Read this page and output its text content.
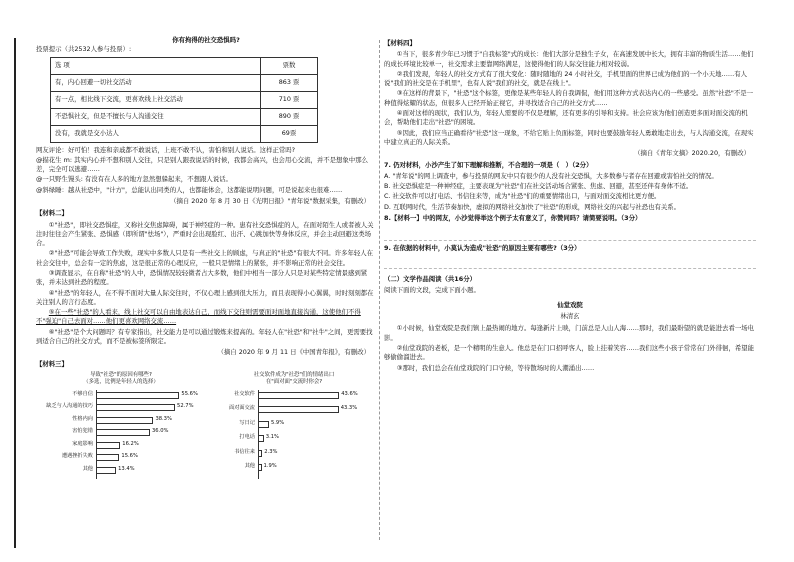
你有拘得的社交恐惧吗?
投票提示（共2532人参与投票）:
选 项	票数
有，内心回避一切社交活动	863 票
有一点，相比线下交流，更喜欢线上社交活动	710 票
不恐惧社交，但是不擅长与人沟通交往	890 票
没有，我就是交小达人	69票
网友评论：好可怕！我连和亲戚都不敢说话，上班不敢不认，害怕和别人说话。这样正常吗?
@描花生 m: 其实内心并不想和别人交往，只是别人跟我说话的时候，我都会高兴，也会用心交流，并不是想象中那么差，完全可以逃避……
@一只野生馒头: 有没有在人多的地方忽然想躲起来，不想跟人说话。
@斜绿睡：越从社恐中，"计方"，总能认出同类的人，也都能体会，这都能说明问题，可是说起来也很难……
（摘自 2020 年 8 月 30 日《光明日报》"青年说"数据采集，有删改）
【材料二】
①"社恐"，即社交恐惧症，又称社交焦虑障碍，属于神经症的一种。患有社交恐惧症的人，在面对陌生人或者被人关注时往往会产生紧张、恐惧感（即所谓"怯场"），严重时会出现脸红、出汗、心跳加快等身体反应，并会主动回避这类场合。
②"社恐"可能会导致工作失败，现实中多数人只是有一些社交上的顾虑，与真正的"社恐"有很大不同。许多年轻人在社会交往中，总会有一定的焦虑，这是很正常的心理反应，一般只是情绪上的紧张，并不影响正常的社会交往。
③调查显示，在自称"社恐"的人中，恐惧情况较轻微者占大多数，他们中相当一部分人只是对某些特定情景感到紧张，并未达到社恐的程度。
④"社恐"的年轻人，在不得不面对大量人际交往时，不仅心理上感到很大压力，而且表现得小心翼翼，时时刻刻都在关注别人的言行态度。
⑤在一些"社恐"的人看来，线上社交可以自由地表达自己，而线下交往则需要面对面地直接沟通，这使他们不得不"强迫"自己去面对……他们更喜欢网络交流……
⑥"社恐"是个大问题吗？有专家指出，社交能力是可以通过锻炼来提高的。年轻人在"社恐"和"社牛"之间，更需要找到适合自己的社交方式，而不是被标签所限定。
（摘自 2020 年 9 月 11 日《中国青年报》，有删改）
【材料三】
导致"社恐"的原因有哪些?
（多选，比例是年轻人的选择）
不够自信	55.6%
缺乏与人沟通的技巧	52.7%
性格内向	38.3%
害怕犯错	36.0%
家庭影响	16.2%
遭遇挫折失败	15.6%
其他	13.4%
社交软件成为"社恐"们的情绪出口
在"面对面"交流时你会?
社交软件	43.6%
面对面交流	43.3%
写日记	5.9%
打电话 3.1%
书信往来 2.3%
其他 1.9%
【材料四】
①当下，很多青少年已习惯于"自我标签"式的成长：他们大部分是独生子女，在高速发展中长大，拥有丰富的物质生活……他们的成长环境比较单一，社交需求主要靠网络满足，这使得他们的人际交往能力相对较弱。
②我们发现，年轻人的社交方式有了很大变化：随时随地的 24 小时社交，手机里面的世界已成为他们的一个小天地……有人说"我们的社交是在手机里"，也有人说"我们的社交，就是在线上"。
③在这样的背景下，"社恐"这个标签，更像是某些年轻人的自我调侃，他们用这种方式表达内心的一些感受。虽然"社恐"不是一种值得炫耀的状态，但很多人已经开始正视它，并寻找适合自己的社交方式……
④面对这样的现状，我们认为，年轻人需要的不仅是理解，还有更多的引导和支持。社会应该为他们创造更多面对面交流的机会，帮助他们走出"社恐"的困境。
⑤因此，我们应当正确看待"社恐"这一现象，不给它贴上负面标签，同时也要鼓励年轻人勇敢地走出去，与人沟通交流，在现实中建立真正的人际关系。
（摘自《青年文摘》2020.20，有删改）
7. 仍对材料，小沙产生了如下理解和推断，不合理的一项是（　）（2分）
A. "青年说"的网上调查中，参与投票的网友中只有很少的人没有社交恐惧，大多数参与者存在回避或害怕社交的情况。
B. 社交恐惧症是一种神经症，主要表现为"社恐"们在社交活动场合紧张、焦虑、回避，甚至还伴有身体不适。
C. 社交软件可以打电话、书信往来等，成为"社恐"们的重要情绪出口，与面对面交流相比更方便。
D. 互联网时代，生活节奏加快，虚拟的网络社交加快了"社恐"的形成，网络社交的兴起与社恐也有关系。
8.【材料一】中的网友，小沙觉得举这个例子太有意义了，你赞同吗？请简要说明。（3分）
9. 在依据的材料中，小莫认为造成"社恐"的原因主要有哪些?（3分）
（二）文学作品阅读（共16分）
阅读下面的文段，完成下面小题。
仙堂戏院
林清玄
①小时候，仙堂戏院是我们镇上最热闹的地方。每逢新片上映，门前总是人山人海……那时，我们最盼望的就是能进去看一场电影。
②仙堂戏院的老板，是一个精明的生意人。他总是在门口招呼客人，脸上挂着笑容……我们这些小孩子常常在门外徘徊，希望能够偷偷溜进去。
③那时，我们总会在仙堂戏院的门口守候，等待散场时的人潮涌出……
